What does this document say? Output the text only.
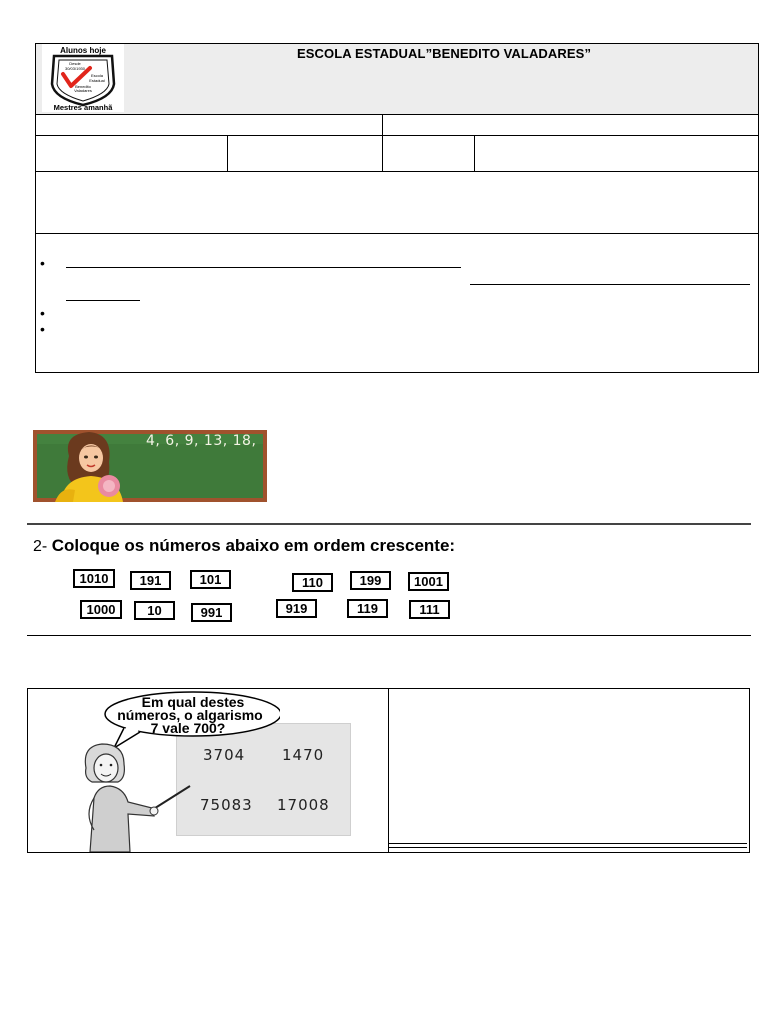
ESCOLA ESTADUAL”BENEDITO VALADARES”
Alunos hoje
Desde
30/03/1930
Escola
Estadual
Benedito
Valadares
Mestres amanhã
•
•
•
4, 6, 9, 13, 18,
2- Coloque os números abaixo em ordem crescente:
1010	191	101	110	199	1001
1000	10	991	919	119	111
3704 1470
75083 17008
Em qual destes
números, o algarismo
7 vale 700?
